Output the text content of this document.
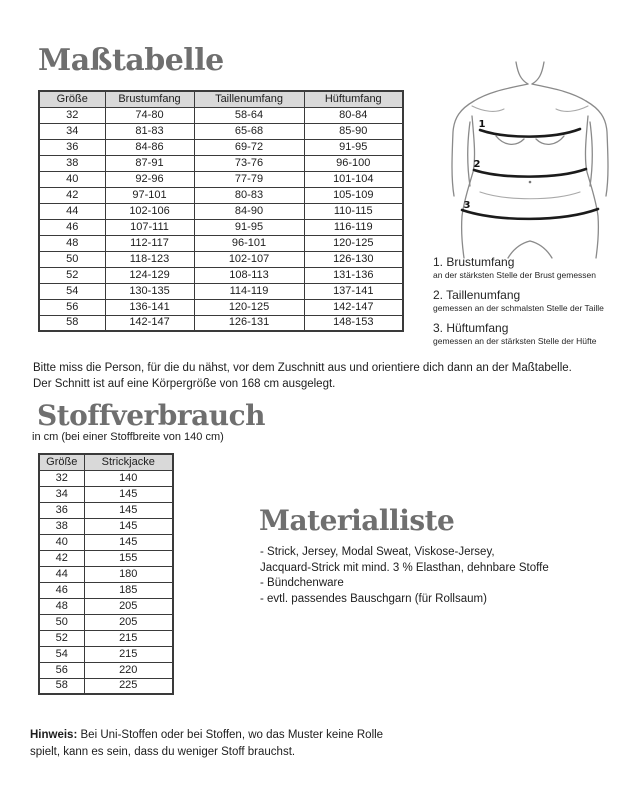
Maßtabelle
Größe	Brustumfang	Taillenumfang	Hüftumfang
32	74-80	58-64	80-84
34	81-83	65-68	85-90
36	84-86	69-72	91-95
38	87-91	73-76	96-100
40	92-96	77-79	101-104
42	97-101	80-83	105-109
44	102-106	84-90	110-115
46	107-111	91-95	116-119
48	112-117	96-101	120-125
50	118-123	102-107	126-130
52	124-129	108-113	131-136
54	130-135	114-119	137-141
56	136-141	120-125	142-147
58	142-147	126-131	148-153
1
2
3
1. Brustumfang
an der stärksten Stelle der Brust gemessen
2. Taillenumfang
gemessen an der schmalsten Stelle der Taille
3. Hüftumfang
gemessen an der stärksten Stelle der Hüfte
Bitte miss die Person, für die du nähst, vor dem Zuschnitt aus und orientiere dich dann an der Maßtabelle.
Der Schnitt ist auf eine Körpergröße von 168 cm ausgelegt.
Stoffverbrauch
in cm (bei einer Stoffbreite von 140 cm)
Größe	Strickjacke
32	140
34	145
36	145
38	145
40	145
42	155
44	180
46	185
48	205
50	205
52	215
54	215
56	220
58	225
Materialliste
- Strick, Jersey, Modal Sweat, Viskose-Jersey,
Jacquard-Strick mit mind. 3 % Elasthan, dehnbare Stoffe
- Bündchenware
- evtl. passendes Bauschgarn (für Rollsaum)
Hinweis: Bei Uni-Stoffen oder bei Stoffen, wo das Muster keine Rolle
spielt, kann es sein, dass du weniger Stoff brauchst.
